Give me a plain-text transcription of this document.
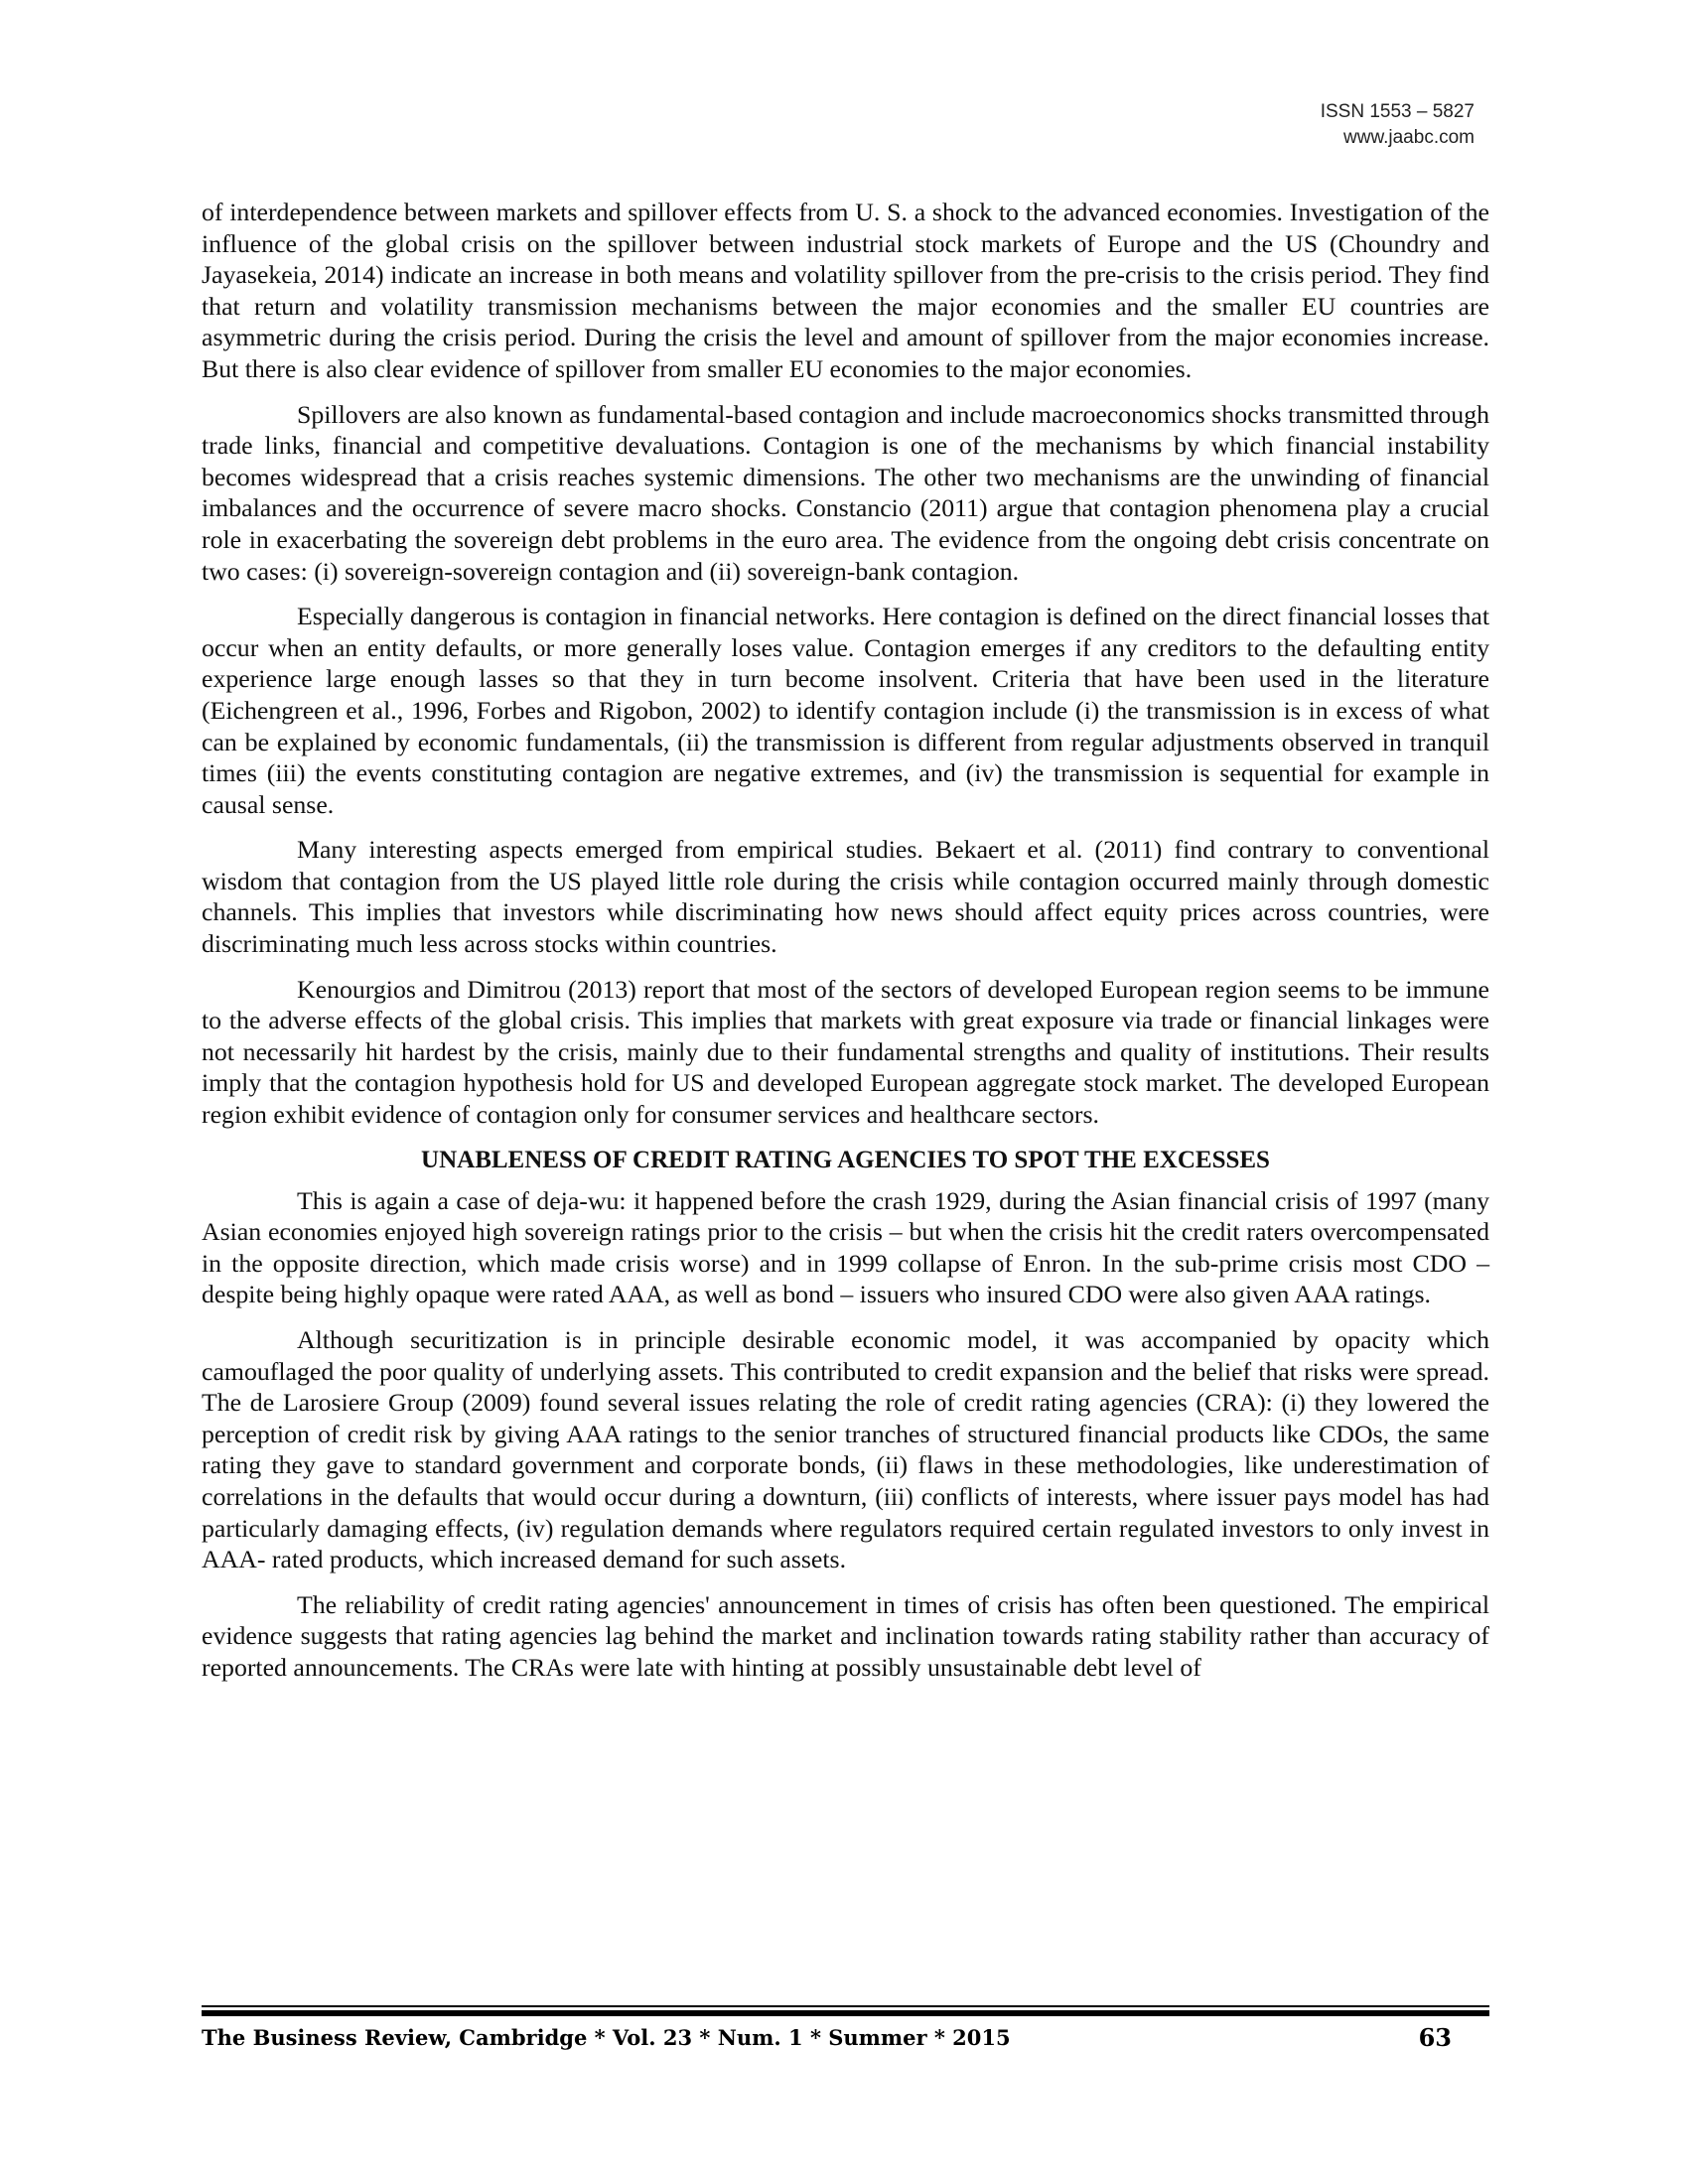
ISSN 1553 – 5827
www.jaabc.com

of interdependence between markets and spillover effects from U. S. a shock to the advanced economies. Investigation of the influence of the global crisis on the spillover between industrial stock markets of Europe and the US (Choundry and Jayasekeia, 2014) indicate an increase in both means and volatility spillover from the pre-crisis to the crisis period. They find that return and volatility transmission mechanisms between the major economies and the smaller EU countries are asymmetric during the crisis period. During the crisis the level and amount of spillover from the major economies increase. But there is also clear evidence of spillover from smaller EU economies to the major economies.

Spillovers are also known as fundamental-based contagion and include macroeconomics shocks transmitted through trade links, financial and competitive devaluations. Contagion is one of the mechanisms by which financial instability becomes widespread that a crisis reaches systemic dimensions. The other two mechanisms are the unwinding of financial imbalances and the occurrence of severe macro shocks. Constancio (2011) argue that contagion phenomena play a crucial role in exacerbating the sovereign debt problems in the euro area. The evidence from the ongoing debt crisis concentrate on two cases: (i) sovereign-sovereign contagion and (ii) sovereign-bank contagion.

Especially dangerous is contagion in financial networks. Here contagion is defined on the direct financial losses that occur when an entity defaults, or more generally loses value. Contagion emerges if any creditors to the defaulting entity experience large enough lasses so that they in turn become insolvent. Criteria that have been used in the literature (Eichengreen et al., 1996, Forbes and Rigobon, 2002) to identify contagion include (i) the transmission is in excess of what can be explained by economic fundamentals, (ii) the transmission is different from regular adjustments observed in tranquil times (iii) the events constituting contagion are negative extremes, and (iv) the transmission is sequential for example in causal sense.

Many interesting aspects emerged from empirical studies. Bekaert et al. (2011) find contrary to conventional wisdom that contagion from the US played little role during the crisis while contagion occurred mainly through domestic channels. This implies that investors while discriminating how news should affect equity prices across countries, were discriminating much less across stocks within countries.

Kenourgios and Dimitrou (2013) report that most of the sectors of developed European region seems to be immune to the adverse effects of the global crisis. This implies that markets with great exposure via trade or financial linkages were not necessarily hit hardest by the crisis, mainly due to their fundamental strengths and quality of institutions. Their results imply that the contagion hypothesis hold for US and developed European aggregate stock market. The developed European region exhibit evidence of contagion only for consumer services and healthcare sectors.

UNABLENESS OF CREDIT RATING AGENCIES TO SPOT THE EXCESSES

This is again a case of deja-wu: it happened before the crash 1929, during the Asian financial crisis of 1997 (many Asian economies enjoyed high sovereign ratings prior to the crisis – but when the crisis hit the credit raters overcompensated in the opposite direction, which made crisis worse) and in 1999 collapse of Enron. In the sub-prime crisis most CDO – despite being highly opaque were rated AAA, as well as bond – issuers who insured CDO were also given AAA ratings.

Although securitization is in principle desirable economic model, it was accompanied by opacity which camouflaged the poor quality of underlying assets. This contributed to credit expansion and the belief that risks were spread. The de Larosiere Group (2009) found several issues relating the role of credit rating agencies (CRA): (i) they lowered the perception of credit risk by giving AAA ratings to the senior tranches of structured financial products like CDOs, the same rating they gave to standard government and corporate bonds, (ii) flaws in these methodologies, like underestimation of correlations in the defaults that would occur during a downturn, (iii) conflicts of interests, where issuer pays model has had particularly damaging effects, (iv) regulation demands where regulators required certain regulated investors to only invest in AAA- rated products, which increased demand for such assets.

The reliability of credit rating agencies' announcement in times of crisis has often been questioned. The empirical evidence suggests that rating agencies lag behind the market and inclination towards rating stability rather than accuracy of reported announcements. The CRAs were late with hinting at possibly unsustainable debt level of

The Business Review, Cambridge * Vol. 23 * Num. 1 * Summer * 2015	63
